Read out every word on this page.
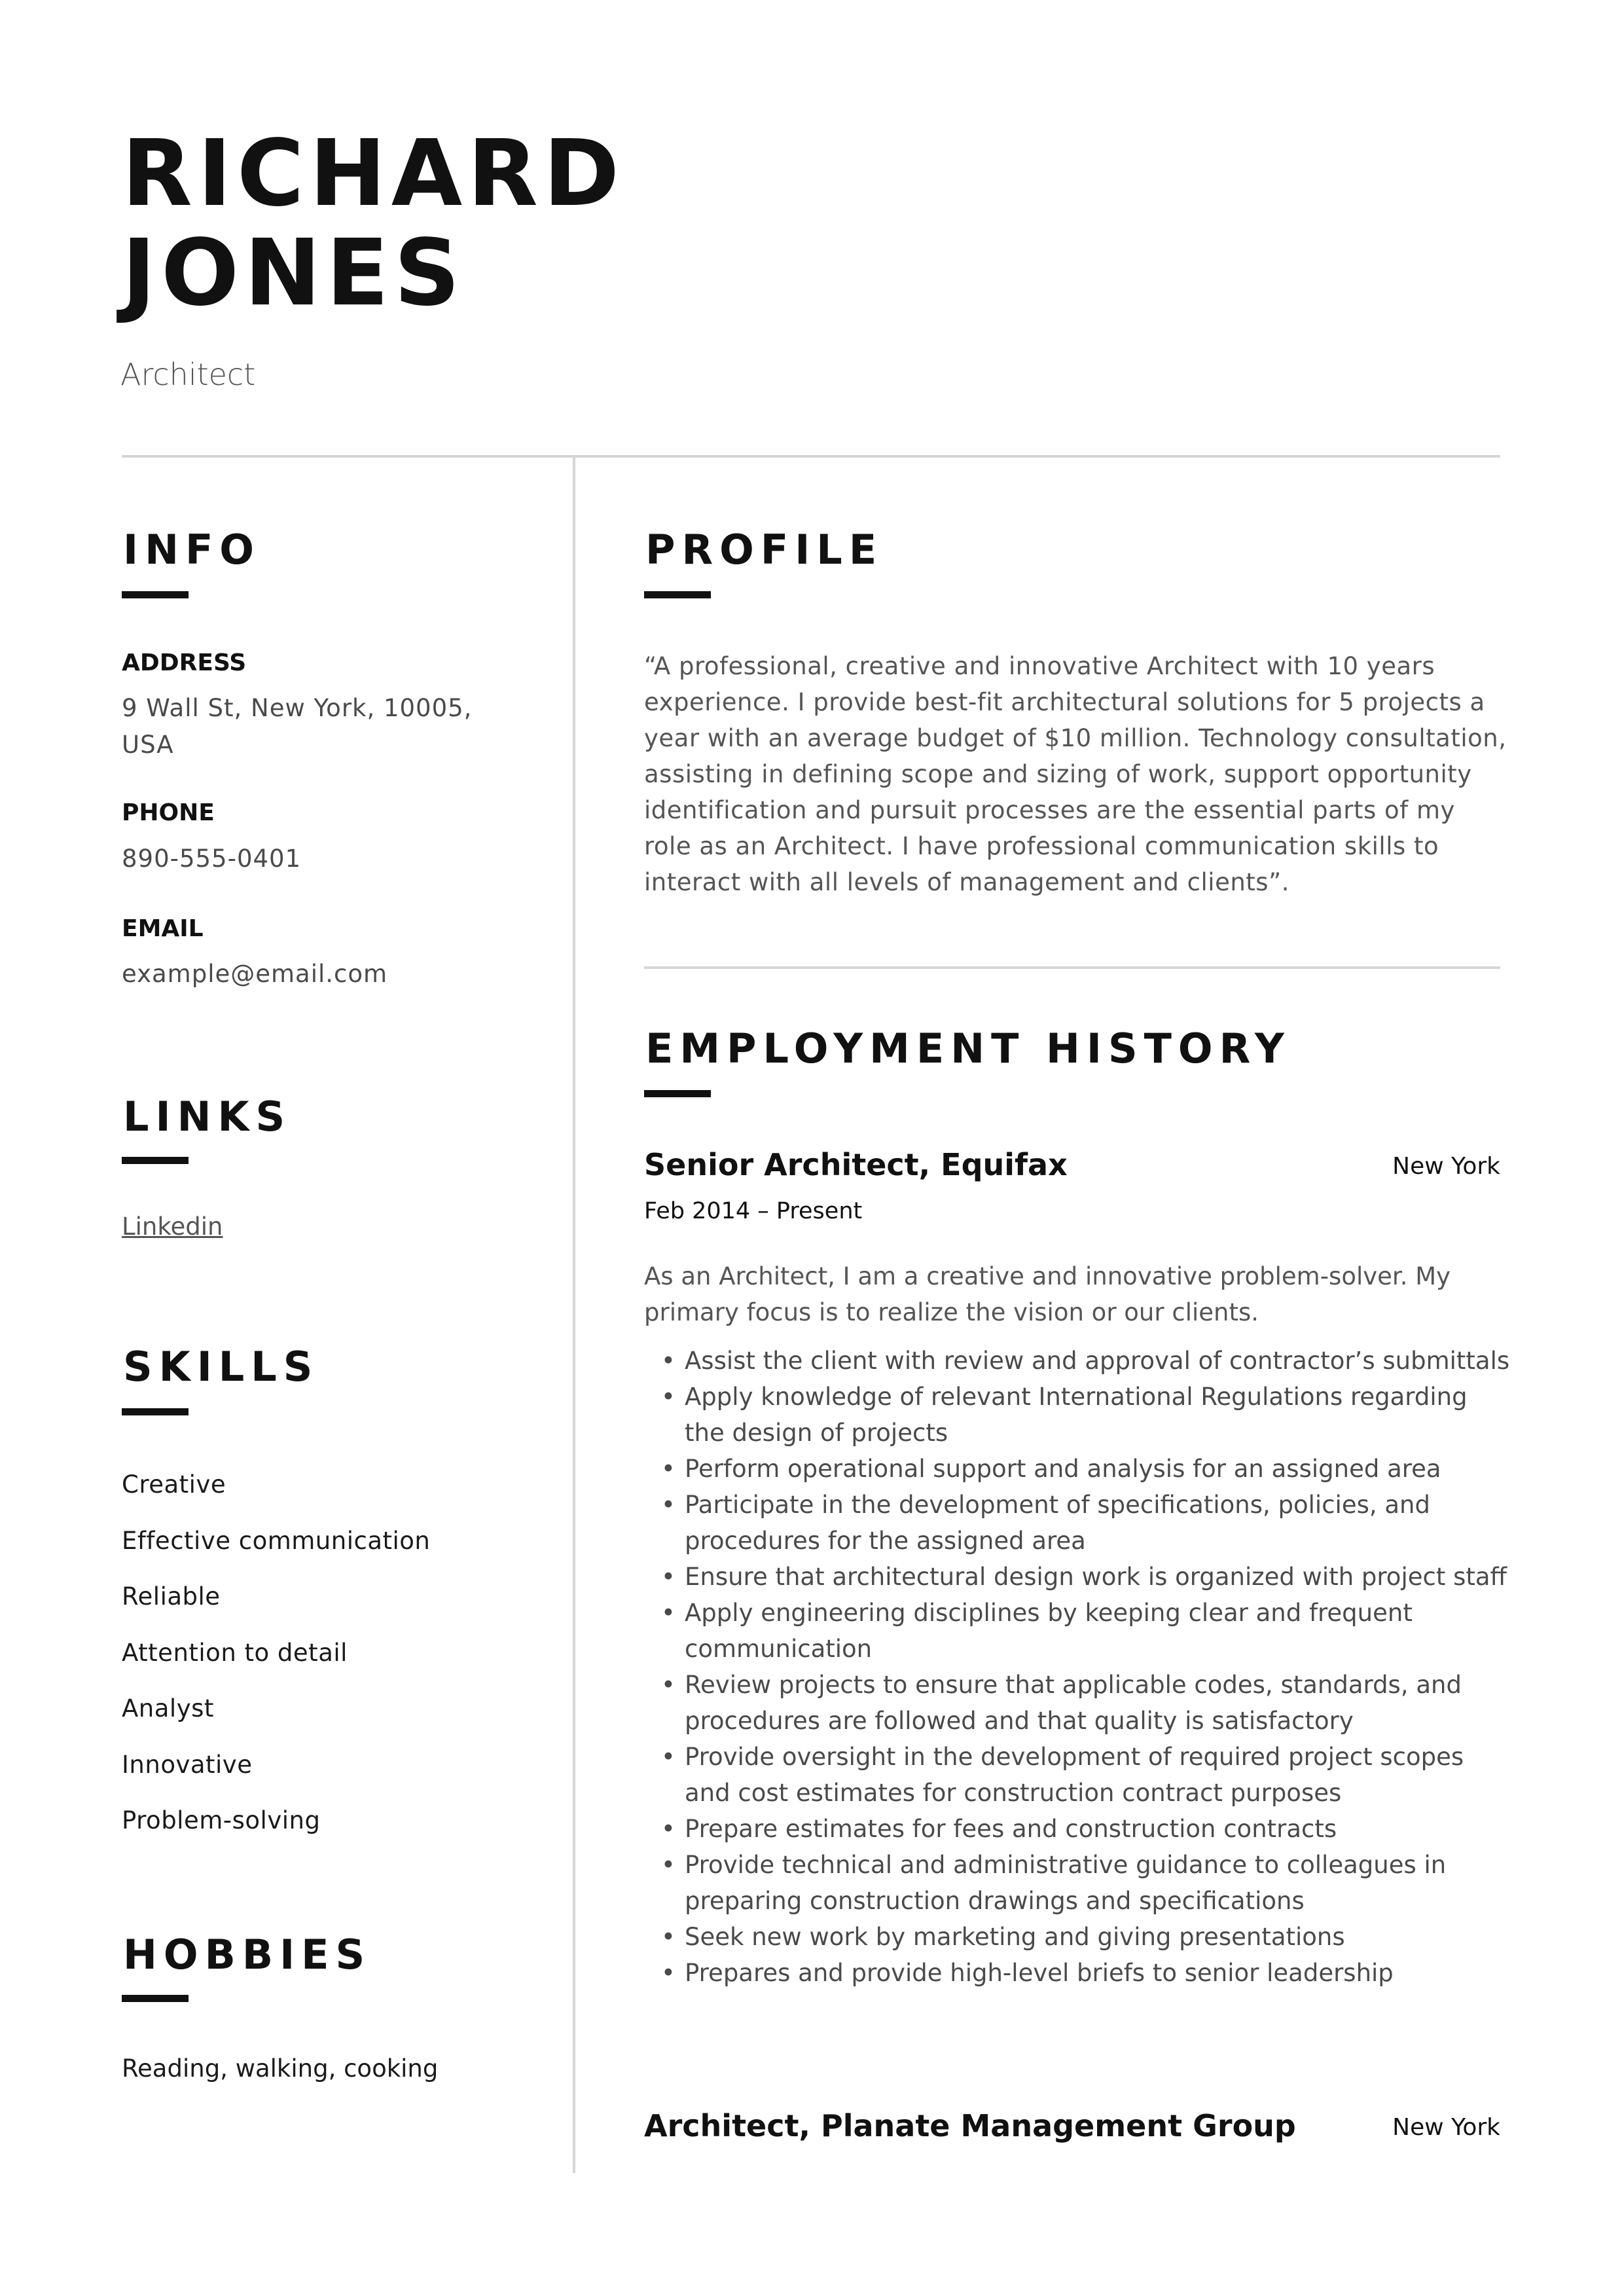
RICHARD
JONES
Architect
INFO
ADDRESS
9 Wall St, New York, 10005, USA
PHONE
890-555-0401
EMAIL
example@email.com
LINKS
Linkedin
SKILLS
Creative
Effective communication
Reliable
Attention to detail
Analyst
Innovative
Problem-solving
HOBBIES
Reading, walking, cooking
PROFILE

“A professional, creative and innovative Architect with 10 years experience. I provide best-fit architectural solutions for 5 projects a year with an average budget of $10 million. Technology consultation, assisting in defining scope and sizing of work, support opportunity identification and pursuit processes are the essential parts of my role as an Architect. I have professional communication skills to interact with all levels of management and clients”.

EMPLOYMENT HISTORY
Senior Architect, Equifax	New York
Feb 2014 – Present

As an Architect, I am a creative and innovative problem-solver. My primary focus is to realize the vision or our clients.

• Assist the client with review and approval of contractor’s submittals
• Apply knowledge of relevant International Regulations regarding the design of projects
• Perform operational support and analysis for an assigned area
• Participate in the development of specifications, policies, and procedures for the assigned area
• Ensure that architectural design work is organized with project staff
• Apply engineering disciplines by keeping clear and frequent communication
• Review projects to ensure that applicable codes, standards, and procedures are followed and that quality is satisfactory
• Provide oversight in the development of required project scopes and cost estimates for construction contract purposes
• Prepare estimates for fees and construction contracts
• Provide technical and administrative guidance to colleagues in preparing construction drawings and specifications
• Seek new work by marketing and giving presentations
• Prepares and provide high-level briefs to senior leadership
Architect, Planate Management Group	New York
